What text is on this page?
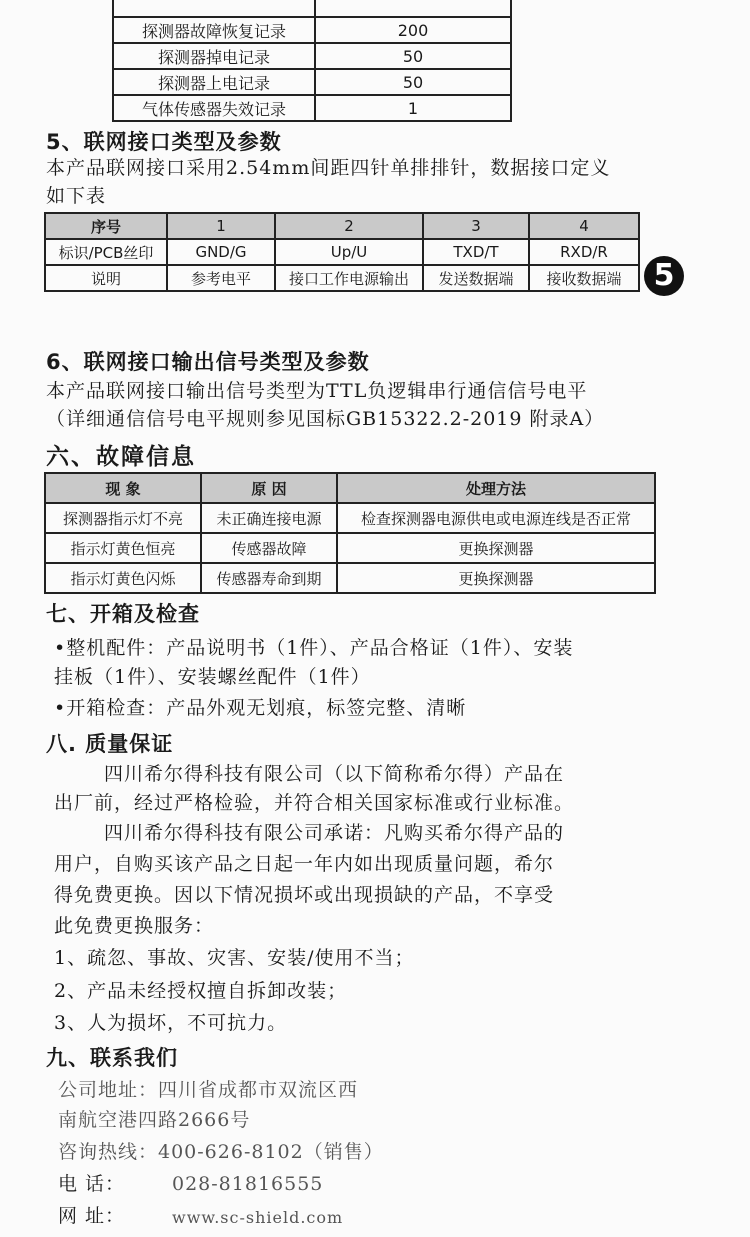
探测器故障恢复记录	200
探测器掉电记录	50
探测器上电记录	50
气体传感器失效记录	1
5、联网接口类型及参数
本产品联网接口采用2.54mm间距四针单排排针，数据接口定义
如下表
序号	1	2	3	4
标识/PCB丝印	GND/G	Up/U	TXD/T	RXD/R
说明	参考电平	接口工作电源输出	发送数据端	接收数据端	5
6、联网接口输出信号类型及参数
本产品联网接口输出信号类型为TTL负逻辑串行通信信号电平
（详细通信信号电平规则参见国标GB15322.2-2019 附录A）
六、故障信息
现 象	原 因	处理方法
探测器指示灯不亮	未正确连接电源	检查探测器电源供电或电源连线是否正常
指示灯黄色恒亮	传感器故障	更换探测器
指示灯黄色闪烁	传感器寿命到期	更换探测器
七、开箱及检查
•整机配件：产品说明书（1件）、产品合格证（1件）、安装
挂板（1件）、安装螺丝配件（1件）
•开箱检查：产品外观无划痕，标签完整、清晰
八. 质量保证
四川希尔得科技有限公司（以下简称希尔得）产品在
出厂前，经过严格检验，并符合相关国家标准或行业标准。
四川希尔得科技有限公司承诺：凡购买希尔得产品的
用户，自购买该产品之日起一年内如出现质量问题，希尔
得免费更换。因以下情况损坏或出现损缺的产品，不享受
此免费更换服务：
1、疏忽、事故、灾害、安装/使用不当；
2、产品未经授权擅自拆卸改装；
3、人为损坏，不可抗力。
九、联系我们
公司地址：四川省成都市双流区西
南航空港四路2666号
咨询热线：400-626-8102（销售）
电 话： 028-81816555
网 址：	www.sc-shield.com
